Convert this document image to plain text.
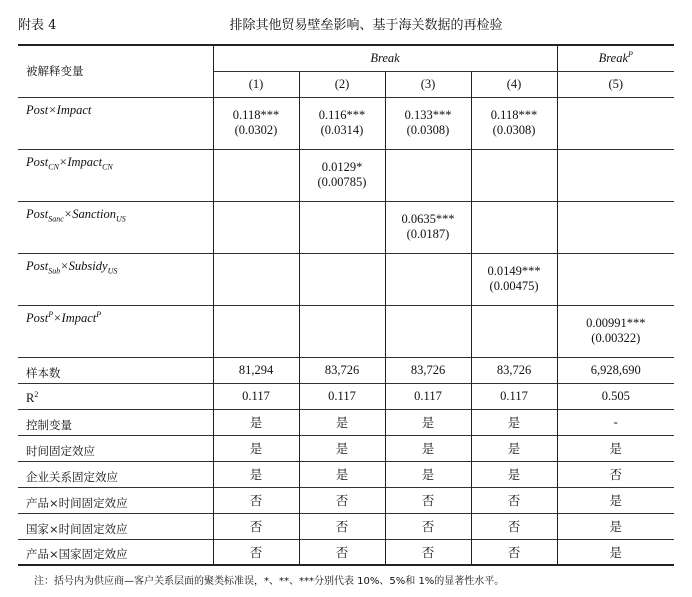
附表 4	排除其他贸易壁垒影响、基于海关数据的再检验
被解释变量	Break				Break$^P$
	(1)	(2)	(3)	(4)	(5)
Post×Impact	0.118***	0.116***	0.133***	0.118***	
	(0.0302)	(0.0314)	(0.0308)	(0.0308)	
Post$_{CN}$×Impact$_{CN}$		0.0129*			
		(0.00785)			
Post$_{Sanc}$×Sanction$_{US}$			0.0635***		
			(0.0187)		
Post$_{Sub}$×Subsidy$_{US}$				0.0149***	
				(0.00475)	
Post$^P$×Impact$^P$					0.00991***
					(0.00322)
样本数	81,294	83,726	83,726	83,726	6,928,690
$R^2$	0.117	0.117	0.117	0.117	0.505
控制变量	是	是	是	是	-
时间固定效应	是	是	是	是	是
企业关系固定效应	是	是	是	是	否
产品×时间固定效应	否	否	否	否	是
国家×时间固定效应	否	否	否	否	是
产品×国家固定效应	否	否	否	否	是
注：括号内为供应商—客户关系层面的聚类标准误，*、**、***分别代表 10%、5%和 1%的显著性水平。
